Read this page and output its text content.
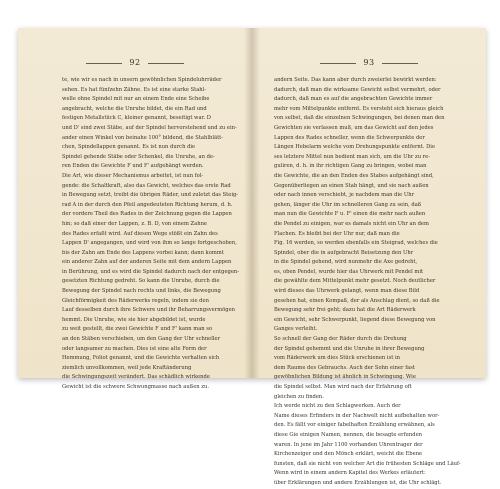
92
te, wie wir es nach in unsern gewöhnlichen Spindeluhrräder
sehen. Es hat fünfzehn Zähne. Es ist eine starke Stahl-
welle ohne Spindel mit nur an einem Ende eine Scheibe
angebracht, welche die Unruhe bildet, die ein Rad und
festigen Metallstück C, kleiner genannt, beseitigt war. D
und D' sind zwei Stäbe, auf der Spindel hervorstehend und zu ein-
ander einen Winkel von beinahe 100° bildend, die Stahlblätt-
chen, Spindellappen genannt. Es ist nun durch die
Spindel gehende Stäbe oder Schenkel, die Unruhe, an de-
ren Enden die Gewichte F und F' aufgehängt werden.
Die Art, wie dieser Mechanismus arbeitet, ist nun fol-
gende: die Schaltkraft, also das Gewicht, welches das erste Rad
in Bewegung setzt, treibt die übrigen Räder, und zuletzt das Steig-
rad A in der durch den Pfeil angedeuteten Richtung herum, d. h.
der vordere Theil des Rades in der Zeichnung gegen die Lappen
hin; so daß einer der Lappen, z. B. D, von einem Zahne
des Rades erfaßt wird. Auf diesen Wege stößt ein Zahn des
Lappen D' angegangen, und wird von ihm so lange fortgeschoben,
bis der Zahn am Ende des Lappens vorbei kann; dann kommt
ein anderer Zahn auf der anderen Seite mit dem andern Lappen
in Berührung, und es wird die Spindel dadurch nach der entgegen-
gesetzten Richtung gedreht. So kann die Unruhe, durch die
Bewegung der Spindel nach rechts und links, die Bewegung
Gleichförmigkeit des Räderwerks regeln, indem sie den
Lauf desselben durch ihre Schwere und ihr Beharrungsvermögen
hemmt. Die Unruhe, wie sie hier abgebildet ist, wurde
zu weit gestellt, die zwei Gewichte F und F' kann man so
an den Stäben verschieben, um den Gang der Uhr schneller
oder langsamer zu machen. Dies ist eine alte Form der
Hemmung, Foliot genannt, und die Gewichte verhalten sich
ziemlich unvollkommen, weil jede Kraftänderung
die Schwingungszeit verändert. Das schädlich wirkende
Gewicht ist die schwere Schwungmasse nach außen zu.
93
andern Seite. Das kann aber durch zweierlei bewirkt werden:
dadurch, daß man die wirksame Gewicht selbst vermehrt, oder
dadurch, daß man es auf die angebrachten Gewichte immer
mehr vom Mittelpunkte entfernt. Es versteht sich hieraus gleich
von selbst, daß die einzelnen Schwingungen, bei denen man den
Gewichten sie verlassen muß, um das Gewicht auf den jedes
Lappen des Rades schneller, wenn die Schwerpunkte der
Längen Hebelarm welche vom Drehungspunkte entfernt. Die
ses letztere Mittel nun bedient man sich, um die Uhr zu re-
guliren, d. h. in ihr richtigen Gang zu bringen, wobei man
die Gewichte, die an den Enden des Stabes aufgehängt sind,
Gegenüberliegen an einen Stab hängt, und sie nach außen
oder nach innen verschiebt, je nachdem man die Uhr
gehen, länger die Uhr im schnelleren Gang zu sein, daß
man nun die Gewichte F u. F' einen die mehr nach außen
die Pendel zu einigen, war es damals nicht ein Uhr an dem
Flachen. Es bleibt bei der Uhr nur, daß man die
Fig. 16 werden, so werden ebenfalls ein Steigrad, welches die
Spindel, ober die in aufgebracht Beisetzung den Uhr
in die Spindel gehend, wird nunmehr die Axe gedreht,
es, oben Pendel, wurde hier das Uhrwerk mit Pendel mit
die gewählte dem Mittelpunkt mehr gesetzt. Noch deutlicher
wird dieses das Uhrwerk gelangt, wenn man diese Bild
gesehen hat, einen Kompaß, der als Anschlag dient, so daß die
Bewegung sehr frei geht; dazu hat die Art Räderwerk
ein Gewicht, sehr Schwerpunkt, liegend diese Bewegung von
Ganges verleiht.
So schnell der Gang der Räder durch die Drehung
der Spindel gehemmt und die Unruhe in ihrer Bewegung
vom Räderwerk um dies Stück erschienen ist in
dem Raume des Gebrauchs. Auch der Sohn einer fast
gewöhnlichen Bildung ist ähnlich in Schwingung. Wie
die Spindel selbst. Man wird nach der Erfahrung oft
gleichen zu finden.
Ich werde nicht zu den Schlagwerken. Auch der
Name dieses Erfinders in der Nachwelt nicht aufbehalten wor-
den. Es fällt vor einiger fabelhaften Erzählung erwähnen, als
diese Gie einigen Namen, nennen, die besagte erfunden
waren. In jene im Jahr 1100 vorhanden Uhrentrager der
Kirchenzeiger und den Mönch erklärt, weicht die Ebene
funsten, daß sie nicht von welcher Art die frühesten Schläge und Läuf-
Wenn wird in einem andern Kapitel des Werkes erläutert:
über Erklärungen und andere Erzählungen ist, die Uhr schlägt.
